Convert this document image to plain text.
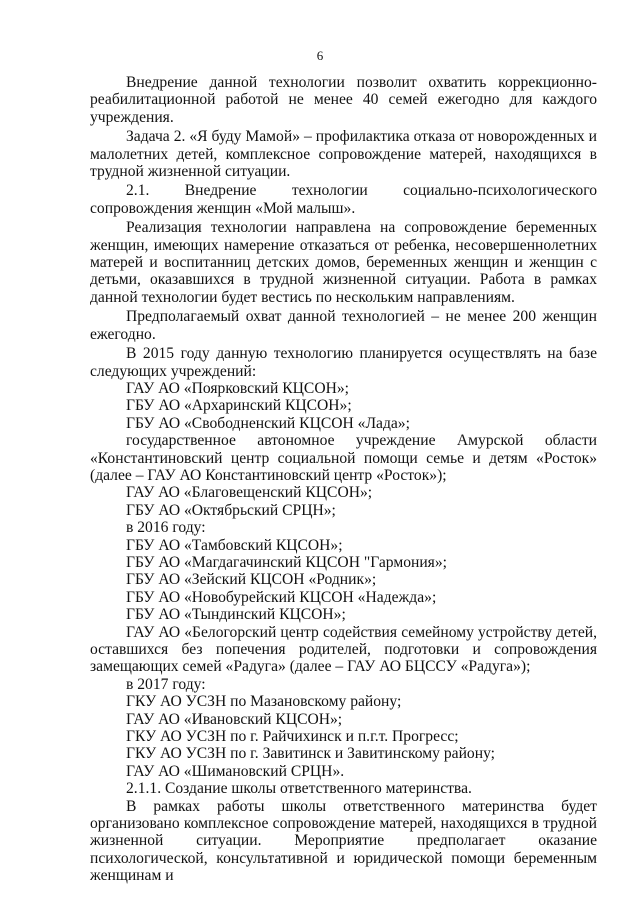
6

Внедрение данной технологии позволит охватить коррекционно-реабилитационной работой не менее 40 семей ежегодно для каждого учреждения.

Задача 2. «Я буду Мамой» – профилактика отказа от новорожденных и малолетних детей, комплексное сопровождение матерей, находящихся в трудной жизненной ситуации.

2.1. Внедрение технологии социально-психологического сопровождения женщин «Мой малыш».

Реализация технологии направлена на сопровождение беременных женщин, имеющих намерение отказаться от ребенка, несовершеннолетних матерей и воспитанниц детских домов, беременных женщин и женщин с детьми, оказавшихся в трудной жизненной ситуации. Работа в рамках данной технологии будет вестись по нескольким направлениям.

Предполагаемый охват данной технологией – не менее 200 женщин ежегодно.

В 2015 году данную технологию планируется осуществлять на базе следующих учреждений:

ГАУ АО «Поярковский КЦСОН»;

ГБУ АО «Архаринский КЦСОН»;

ГБУ АО «Свободненский КЦСОН «Лада»;

государственное автономное учреждение Амурской области «Константиновский центр социальной помощи семье и детям «Росток» (далее – ГАУ АО Константиновский центр «Росток»);

ГАУ АО «Благовещенский КЦСОН»;

ГБУ АО «Октябрьский СРЦН»;

в 2016 году:

ГБУ АО «Тамбовский КЦСОН»;

ГБУ АО «Магдагачинский КЦСОН "Гармония»;

ГБУ АО «Зейский КЦСОН «Родник»;

ГБУ АО «Новобурейский КЦСОН «Надежда»;

ГБУ АО «Тындинский КЦСОН»;

ГАУ АО «Белогорский центр содействия семейному устройству детей, оставшихся без попечения родителей, подготовки и сопровождения замещающих семей «Радуга» (далее – ГАУ АО БЦССУ «Радуга»);

в 2017 году:

ГКУ АО УСЗН по Мазановскому району;

ГАУ АО «Ивановский КЦСОН»;

ГКУ АО УСЗН по г. Райчихинск и п.г.т. Прогресс;

ГКУ АО УСЗН по г. Завитинск и Завитинскому району;

ГАУ АО «Шимановский СРЦН».

2.1.1. Создание школы ответственного материнства.

В рамках работы школы ответственного материнства будет организовано комплексное сопровождение матерей, находящихся в трудной жизненной ситуации. Мероприятие предполагает оказание психологической, консультативной и юридической помощи беременным женщинам и
